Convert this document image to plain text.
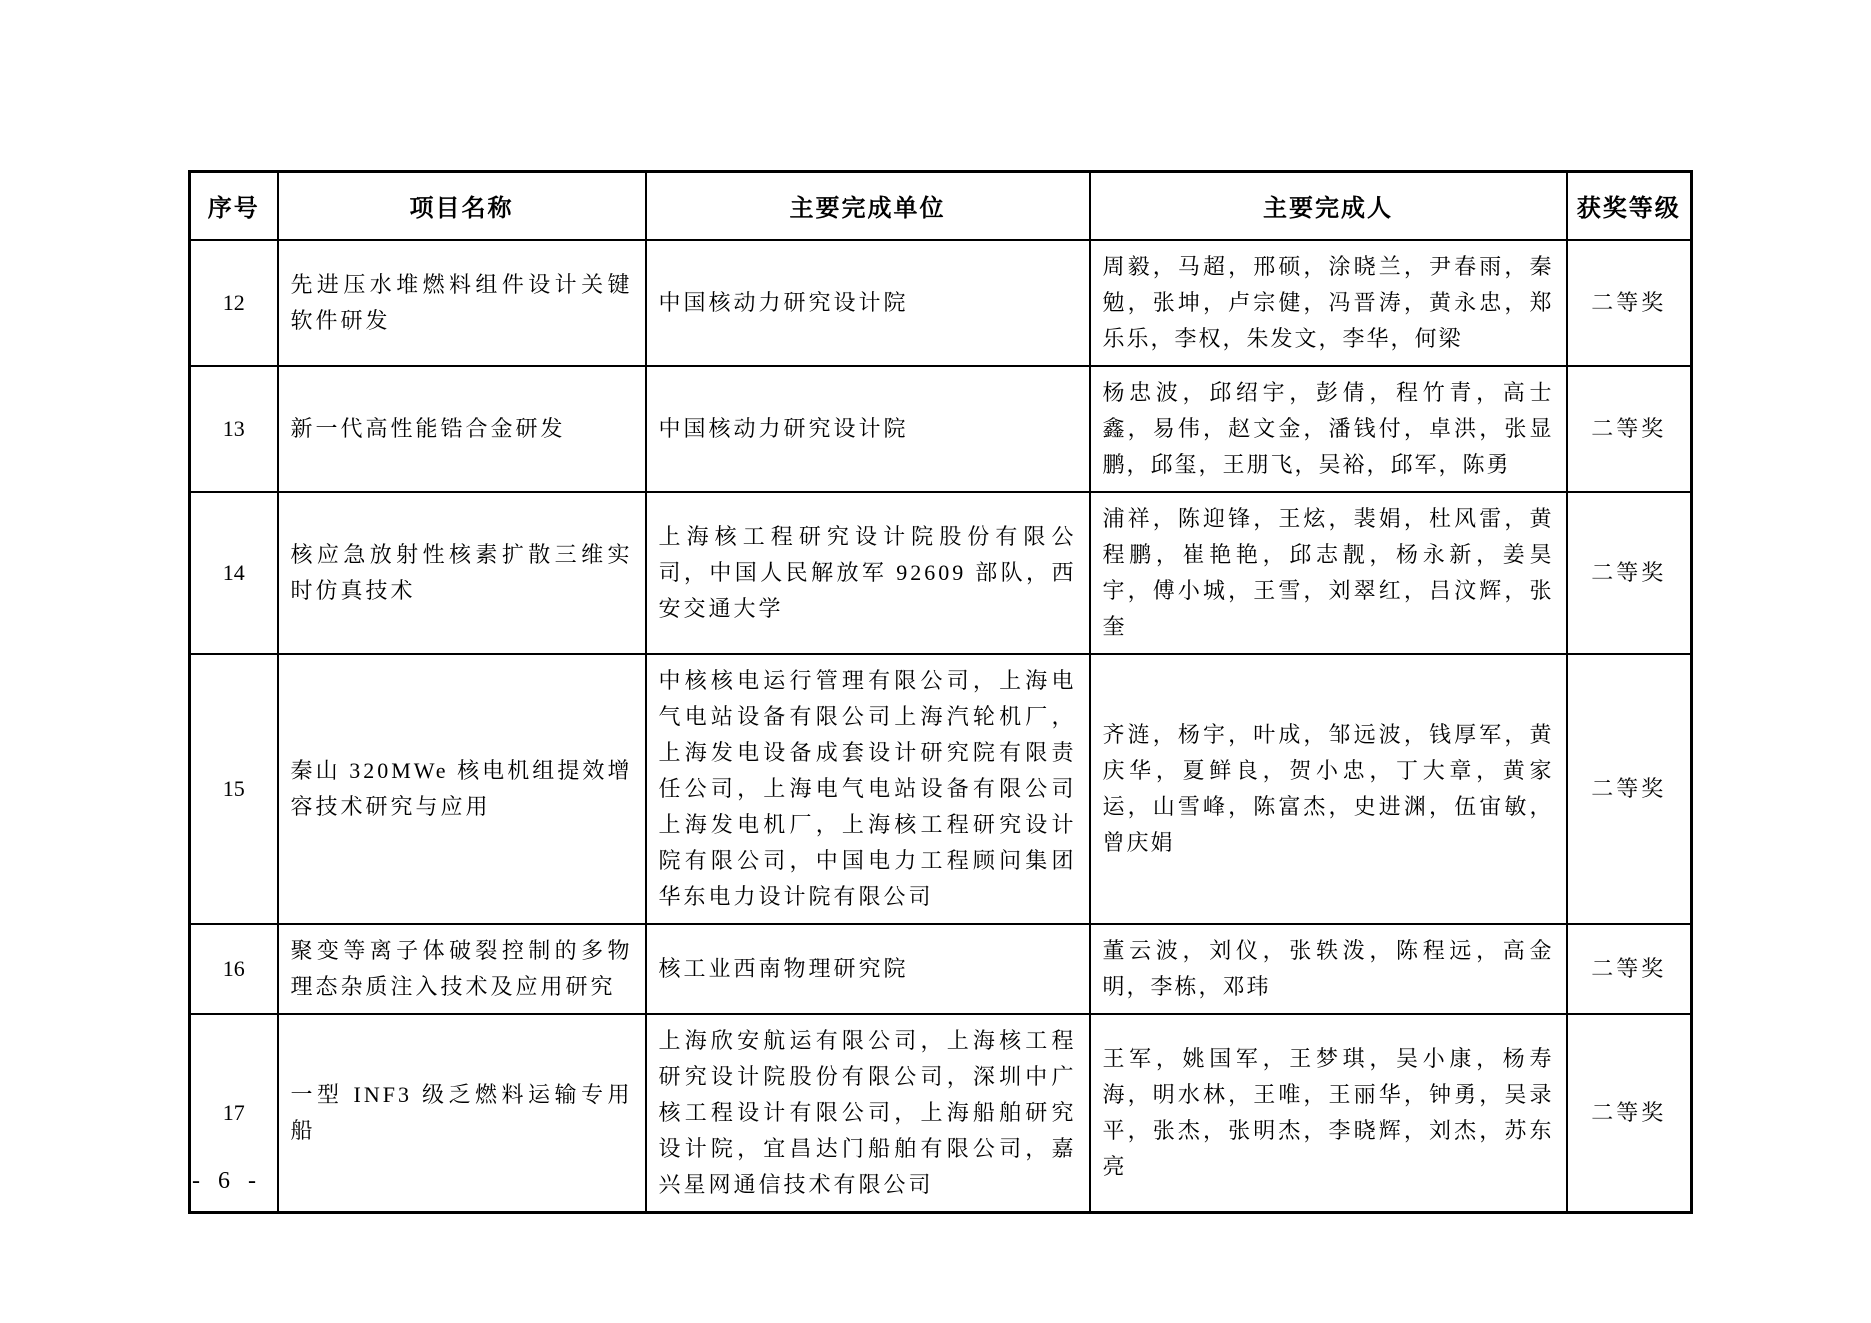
序号	项目名称	主要完成单位	主要完成人	获奖等级
12	先进压水堆燃料组件设计关键软件研发	中国核动力研究设计院	周毅，马超，邢硕，涂晓兰，尹春雨，秦勉，张坤，卢宗健，冯晋涛，黄永忠，郑乐乐，李权，朱发文，李华，何梁	二等奖
13	新一代高性能锆合金研发	中国核动力研究设计院	杨忠波，邱绍宇，彭倩，程竹青，高士鑫，易伟，赵文金，潘钱付，卓洪，张显鹏，邱玺，王朋飞，吴裕，邱军，陈勇	二等奖
14	核应急放射性核素扩散三维实时仿真技术	上海核工程研究设计院股份有限公司，中国人民解放军 92609 部队，西安交通大学	浦祥，陈迎锋，王炫，裴娟，杜风雷，黄程鹏，崔艳艳，邱志靓，杨永新，姜昊宇，傅小城，王雪，刘翠红，吕汶辉，张奎	二等奖
15	秦山 320MWe 核电机组提效增容技术研究与应用	中核核电运行管理有限公司，上海电气电站设备有限公司上海汽轮机厂，上海发电设备成套设计研究院有限责任公司，上海电气电站设备有限公司上海发电机厂，上海核工程研究设计院有限公司，中国电力工程顾问集团华东电力设计院有限公司	齐涟，杨宇，叶成，邹远波，钱厚军，黄庆华，夏鲜良，贺小忠，丁大章，黄家运，山雪峰，陈富杰，史进渊，伍宙敏，曾庆娟	二等奖
16	聚变等离子体破裂控制的多物理态杂质注入技术及应用研究	核工业西南物理研究院	董云波，刘仪，张轶泼，陈程远，高金明，李栋，邓玮	二等奖
17	一型 INF3 级乏燃料运输专用船	上海欣安航运有限公司，上海核工程研究设计院股份有限公司，深圳中广核工程设计有限公司，上海船舶研究设计院，宜昌达门船舶有限公司，嘉兴星网通信技术有限公司	王军，姚国军，王梦琪，吴小康，杨寿海，明水林，王唯，王丽华，钟勇，吴录平，张杰，张明杰，李晓辉，刘杰，苏东亮	二等奖
- 6 -
